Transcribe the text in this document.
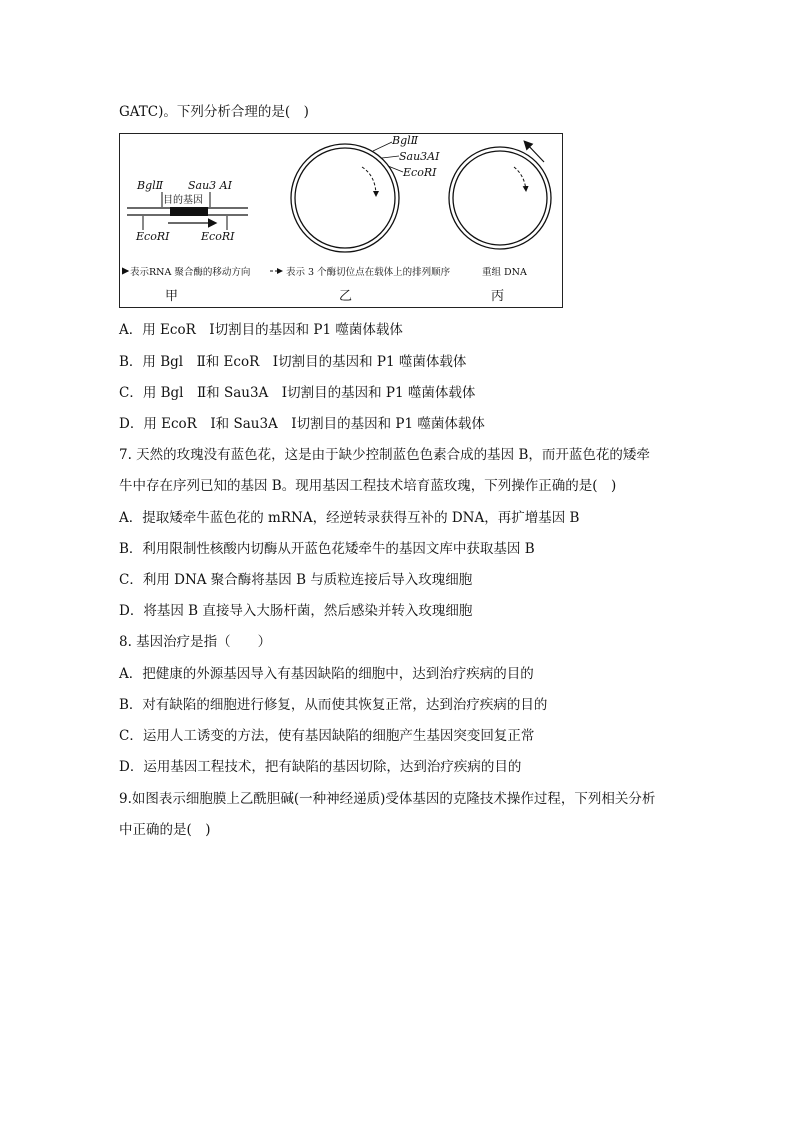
GATC)。下列分析合理的是(　)
BglⅡ Sau3 AI
目的基因
EcoRⅠ	EcoRⅠ
表示RNA 聚合酶的移动方向
甲
BglⅡ
Sau3AI
EcoRⅠ
表示 3 个酶切位点在载体上的排列顺序
乙
重组 DNA
丙
A．用 EcoR　Ⅰ切割目的基因和 P1 噬菌体载体
B．用 Bgl　Ⅱ和 EcoR　Ⅰ切割目的基因和 P1 噬菌体载体
C．用 Bgl　Ⅱ和 Sau3A　Ⅰ切割目的基因和 P1 噬菌体载体
D．用 EcoR　Ⅰ和 Sau3A　Ⅰ切割目的基因和 P1 噬菌体载体
7. 天然的玫瑰没有蓝色花，这是由于缺少控制蓝色色素合成的基因 B，而开蓝色花的矮牵
牛中存在序列已知的基因 B。现用基因工程技术培育蓝玫瑰，下列操作正确的是(　)
A．提取矮牵牛蓝色花的 mRNA，经逆转录获得互补的 DNA，再扩增基因 B
B．利用限制性核酸内切酶从开蓝色花矮牵牛的基因文库中获取基因 B
C．利用 DNA 聚合酶将基因 B 与质粒连接后导入玫瑰细胞
D．将基因 B 直接导入大肠杆菌，然后感染并转入玫瑰细胞
8. 基因治疗是指（　　）
A．把健康的外源基因导入有基因缺陷的细胞中，达到治疗疾病的目的
B．对有缺陷的细胞进行修复，从而使其恢复正常，达到治疗疾病的目的
C．运用人工诱变的方法，使有基因缺陷的细胞产生基因突变回复正常
D．运用基因工程技术，把有缺陷的基因切除，达到治疗疾病的目的
9.如图表示细胞膜上乙酰胆碱(一种神经递质)受体基因的克隆技术操作过程，下列相关分析
中正确的是(　)
